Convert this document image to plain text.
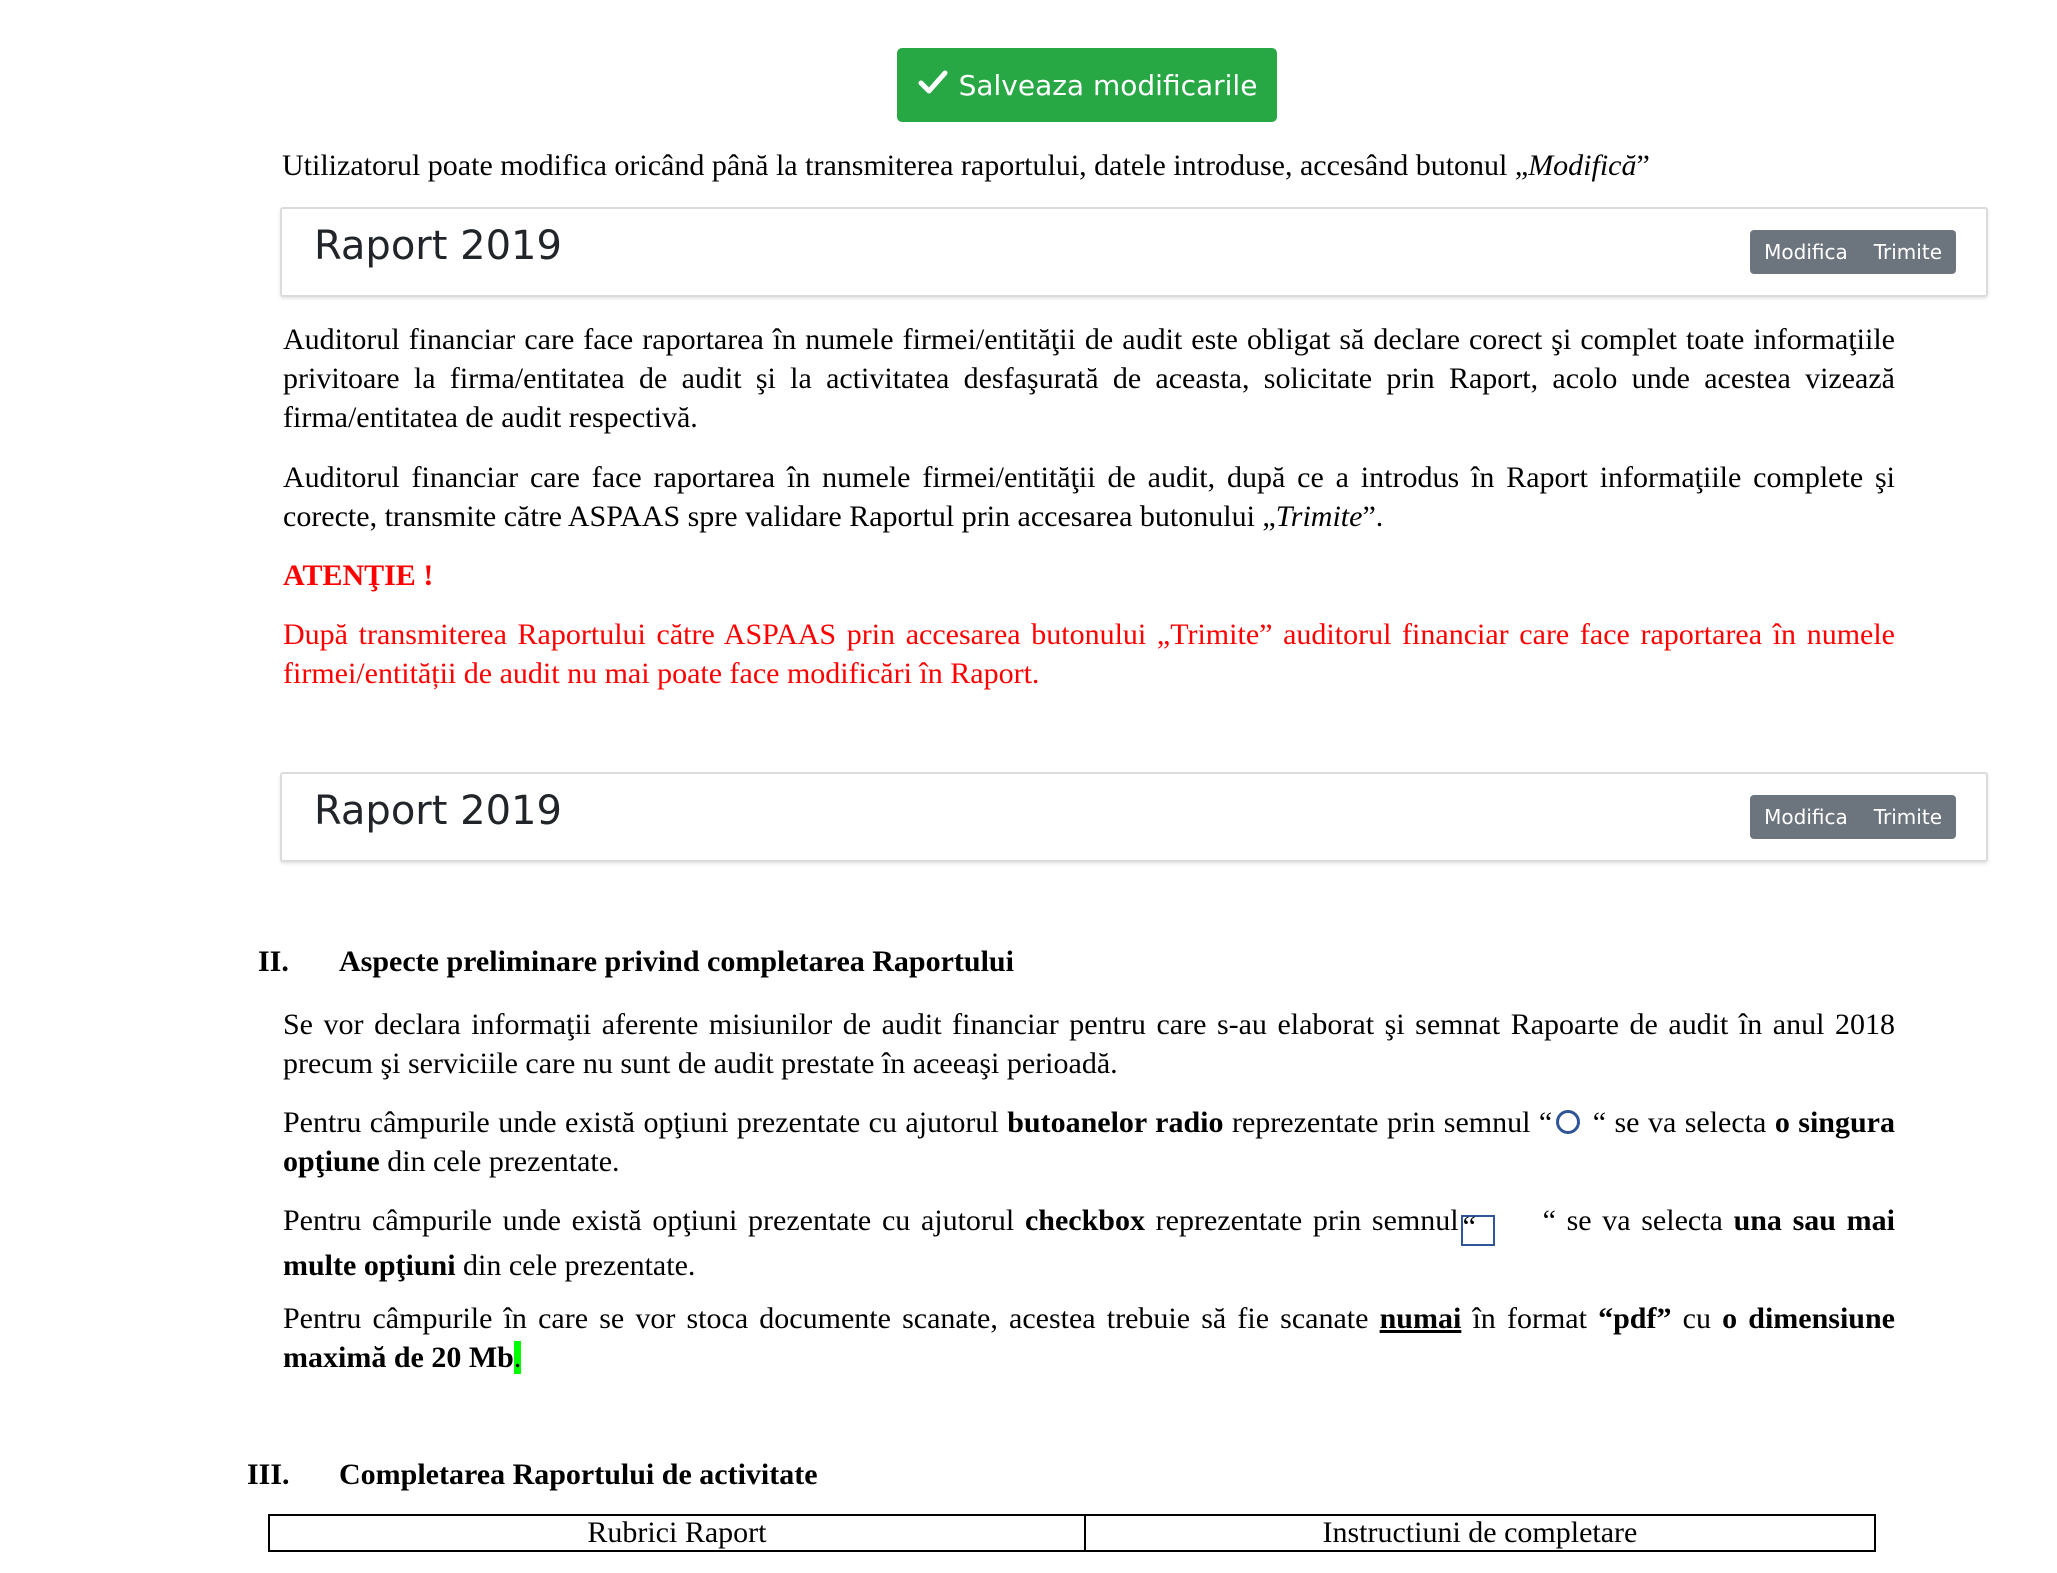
Salveaza modificarile
Utilizatorul poate modifica oricând până la transmiterea raportului, datele introduse, accesând butonul „Modifică”
Raport 2019	Modifica Trimite
Auditorul financiar care face raportarea în numele firmei/entităţii de audit este obligat să declare corect şi complet toate informaţiile privitoare la firma/entitatea de audit şi la activitatea desfaşurată de aceasta, solicitate prin Raport, acolo unde acestea vizează firma/entitatea de audit respectivă.
Auditorul financiar care face raportarea în numele firmei/entităţii de audit, după ce a introdus în Raport informaţiile complete şi corecte, transmite către ASPAAS spre validare Raportul prin accesarea butonului „Trimite”.
ATENŢIE !
După transmiterea Raportului către ASPAAS prin accesarea butonului „Trimite” auditorul financiar care face raportarea în numele firmei/entității de audit nu mai poate face modificări în Raport.
Raport 2019	Modifica Trimite
II. Aspecte preliminare privind completarea Raportului
Se vor declara informaţii aferente misiunilor de audit financiar pentru care s-au elaborat şi semnat Rapoarte de audit în anul 2018 precum şi serviciile care nu sunt de audit prestate în aceeaşi perioadă.
Pentru câmpurile unde există opţiuni prezentate cu ajutorul butoanelor radio reprezentate prin semnul “ “ se va selecta o singura opţiune din cele prezentate.
Pentru câmpurile unde există opţiuni prezentate cu ajutorul checkbox reprezentate prin semnul “ “ se va selecta una sau mai multe opţiuni din cele prezentate.
Pentru câmpurile în care se vor stoca documente scanate, acestea trebuie să fie scanate numai în format “pdf” cu o dimensiune maximă de 20 Mb.
III. Completarea Raportului de activitate
Rubrici Raport	Instructiuni de completare
